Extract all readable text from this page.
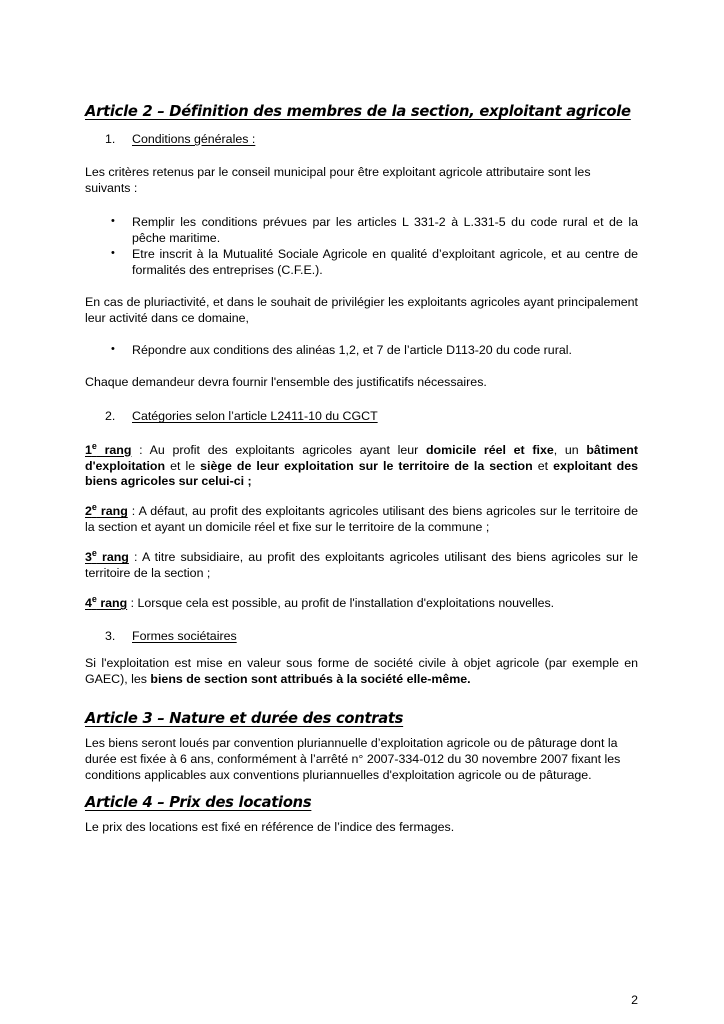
Article 2 – Définition des membres de la section, exploitant agricole
1. Conditions générales :

Les critères retenus par le conseil municipal pour être exploitant agricole attributaire sont les suivants :

• Remplir les conditions prévues par les articles L 331-2 à L.331-5 du code rural et de la pêche maritime.
• Etre inscrit à la Mutualité Sociale Agricole en qualité d’exploitant agricole, et au centre de formalités des entreprises (C.F.E.).

En cas de pluriactivité, et dans le souhait de privilégier les exploitants agricoles ayant principalement leur activité dans ce domaine,

• Répondre aux conditions des alinéas 1,2, et 7 de l’article D113-20 du code rural.

Chaque demandeur devra fournir l'ensemble des justificatifs nécessaires.

2. Catégories selon l’article L2411-10 du CGCT

1e rang : Au profit des exploitants agricoles ayant leur domicile réel et fixe, un bâtiment d'exploitation et le siège de leur exploitation sur le territoire de la section et exploitant des biens agricoles sur celui-ci ;

2e rang : A défaut, au profit des exploitants agricoles utilisant des biens agricoles sur le territoire de la section et ayant un domicile réel et fixe sur le territoire de la commune ;

3e rang : A titre subsidiaire, au profit des exploitants agricoles utilisant des biens agricoles sur le territoire de la section ;

4e rang : Lorsque cela est possible, au profit de l'installation d'exploitations nouvelles.

3. Formes sociétaires

Si l'exploitation est mise en valeur sous forme de société civile à objet agricole (par exemple en GAEC), les biens de section sont attribués à la société elle-même.

Article 3 – Nature et durée des contrats

Les biens seront loués par convention pluriannuelle d’exploitation agricole ou de pâturage dont la durée est fixée à 6 ans, conformément à l’arrêté n° 2007-334-012 du 30 novembre 2007 fixant les conditions applicables aux conventions pluriannuelles d'exploitation agricole ou de pâturage.

Article 4 – Prix des locations

Le prix des locations est fixé en référence de l’indice des fermages.

2
